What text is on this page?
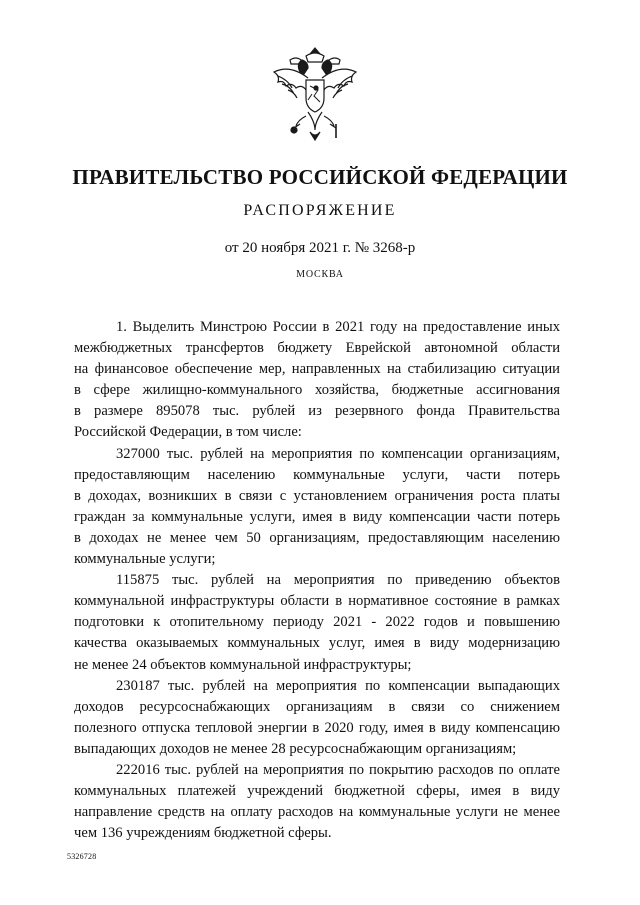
ПРАВИТЕЛЬСТВО РОССИЙСКОЙ ФЕДЕРАЦИИ
РАСПОРЯЖЕНИЕ
от 20 ноября 2021 г. № 3268-р
МОСКВА
1. Выделить Минстрою России в 2021 году на предоставление иных
межбюджетных трансфертов бюджету Еврейской автономной области
на финансовое обеспечение мер, направленных на стабилизацию ситуации
в сфере жилищно-коммунального хозяйства, бюджетные ассигнования
в размере 895078 тыс. рублей из резервного фонда Правительства
Российской Федерации, в том числе:
327000 тыс. рублей на мероприятия по компенсации организациям,
предоставляющим населению коммунальные услуги, части потерь
в доходах, возникших в связи с установлением ограничения роста платы
граждан за коммунальные услуги, имея в виду компенсации части потерь
в доходах не менее чем 50 организациям, предоставляющим населению
коммунальные услуги;
115875 тыс. рублей на мероприятия по приведению объектов
коммунальной инфраструктуры области в нормативное состояние в рамках
подготовки к отопительному периоду 2021 - 2022 годов и повышению
качества оказываемых коммунальных услуг, имея в виду модернизацию
не менее 24 объектов коммунальной инфраструктуры;
230187 тыс. рублей на мероприятия по компенсации выпадающих
доходов ресурсоснабжающих организациям в связи со снижением
полезного отпуска тепловой энергии в 2020 году, имея в виду компенсацию
выпадающих доходов не менее 28 ресурсоснабжающим организациям;
222016 тыс. рублей на мероприятия по покрытию расходов по оплате
коммунальных платежей учреждений бюджетной сферы, имея в виду
направление средств на оплату расходов на коммунальные услуги не менее
чем 136 учреждениям бюджетной сферы.
5326728
